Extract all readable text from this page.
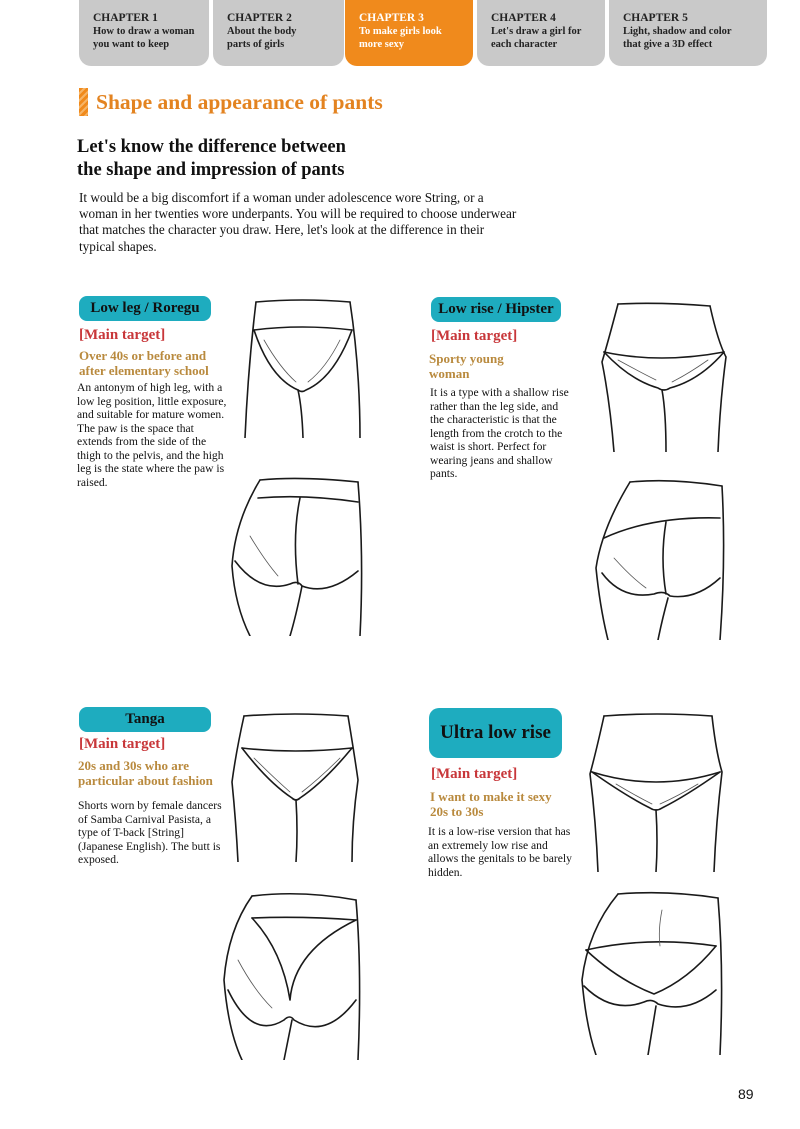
CHAPTER 1
How to draw a woman
you want to keep
CHAPTER 2
About the body
parts of girls
CHAPTER 3
To make girls look
more sexy
CHAPTER 4
Let's draw a girl for
each character
CHAPTER 5
Light, shadow and color
that give a 3D effect
Shape and appearance of pants
Let's know the difference between
the shape and impression of pants

It would be a big discomfort if a woman under adolescence wore String, or a woman in her twenties wore underpants. You will be required to choose underwear that matches the character you draw. Here, let's look at the difference in their typical shapes.

Low leg / Roregu
[Main target]
Over 40s or before and
after elementary school

An antonym of high leg, with a low leg position, little exposure, and suitable for mature women. The paw is the space that extends from the side of the thigh to the pelvis, and the high leg is the state where the paw is raised.

Low rise / Hipster
[Main target]
Sporty young
woman

It is a type with a shallow rise rather than the leg side, and the characteristic is that the length from the crotch to the waist is short. Perfect for wearing jeans and shallow pants.

Tanga
[Main target]
20s and 30s who are
particular about fashion

Shorts worn by female dancers of Samba Carnival Pasista, a type of T-back [String] (Japanese English). The butt is exposed.

Ultra low rise
[Main target]
I want to make it sexy
20s to 30s

It is a low-rise version that has an extremely low rise and allows the genitals to be barely hidden.

89
